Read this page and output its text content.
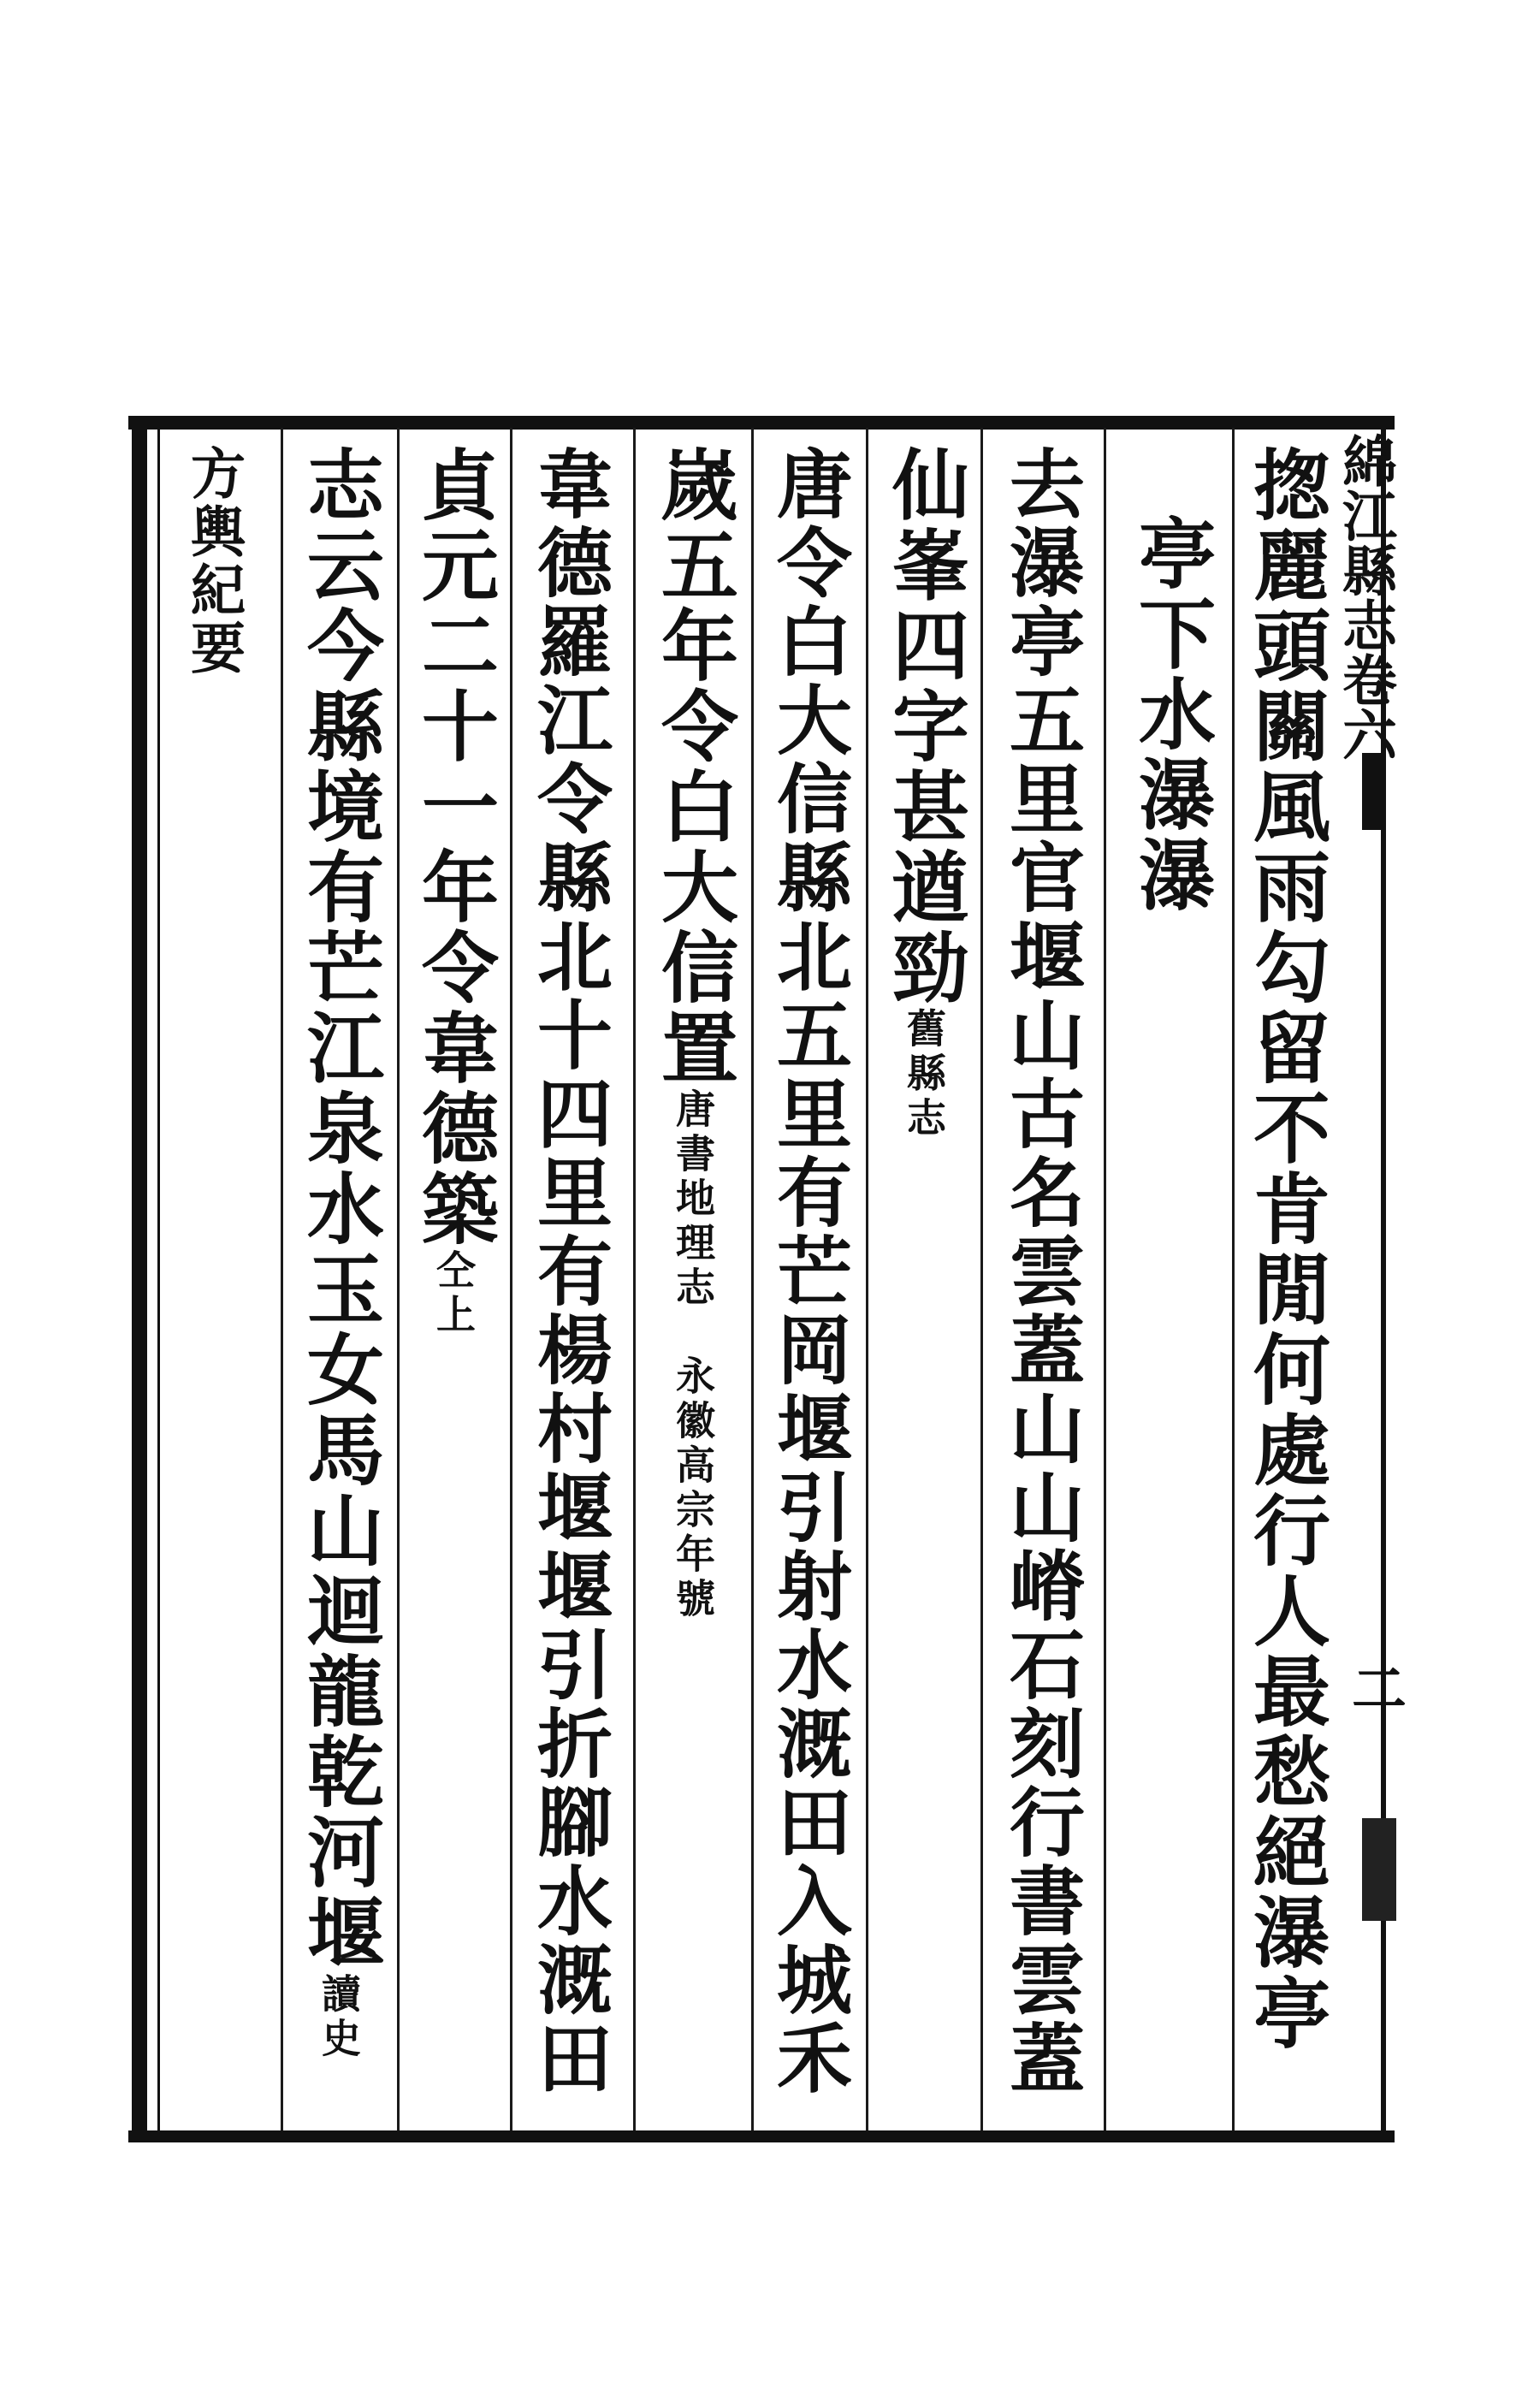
綿江縣志卷六
二
揔麗頭關風雨勾留不肯閒何處行人最愁絕瀑亭
亭下水瀑瀑
去瀑亭五里官堰山古名雲蓋山山嵴石刻行書雲蓋
仙峯四字甚遒勁舊縣志
唐令白大信縣北五里有芒岡堰引射水溉田入城禾
嵗五年令白大信置唐書地理志　永徽高宗年號
韋德羅江令縣北十四里有楊村堰堰引折腳水溉田
貞元二十一年令韋德築仝上
志云今縣境有芒江泉水玉女馬山迴龍乾河堰讀史
方輿紀要
